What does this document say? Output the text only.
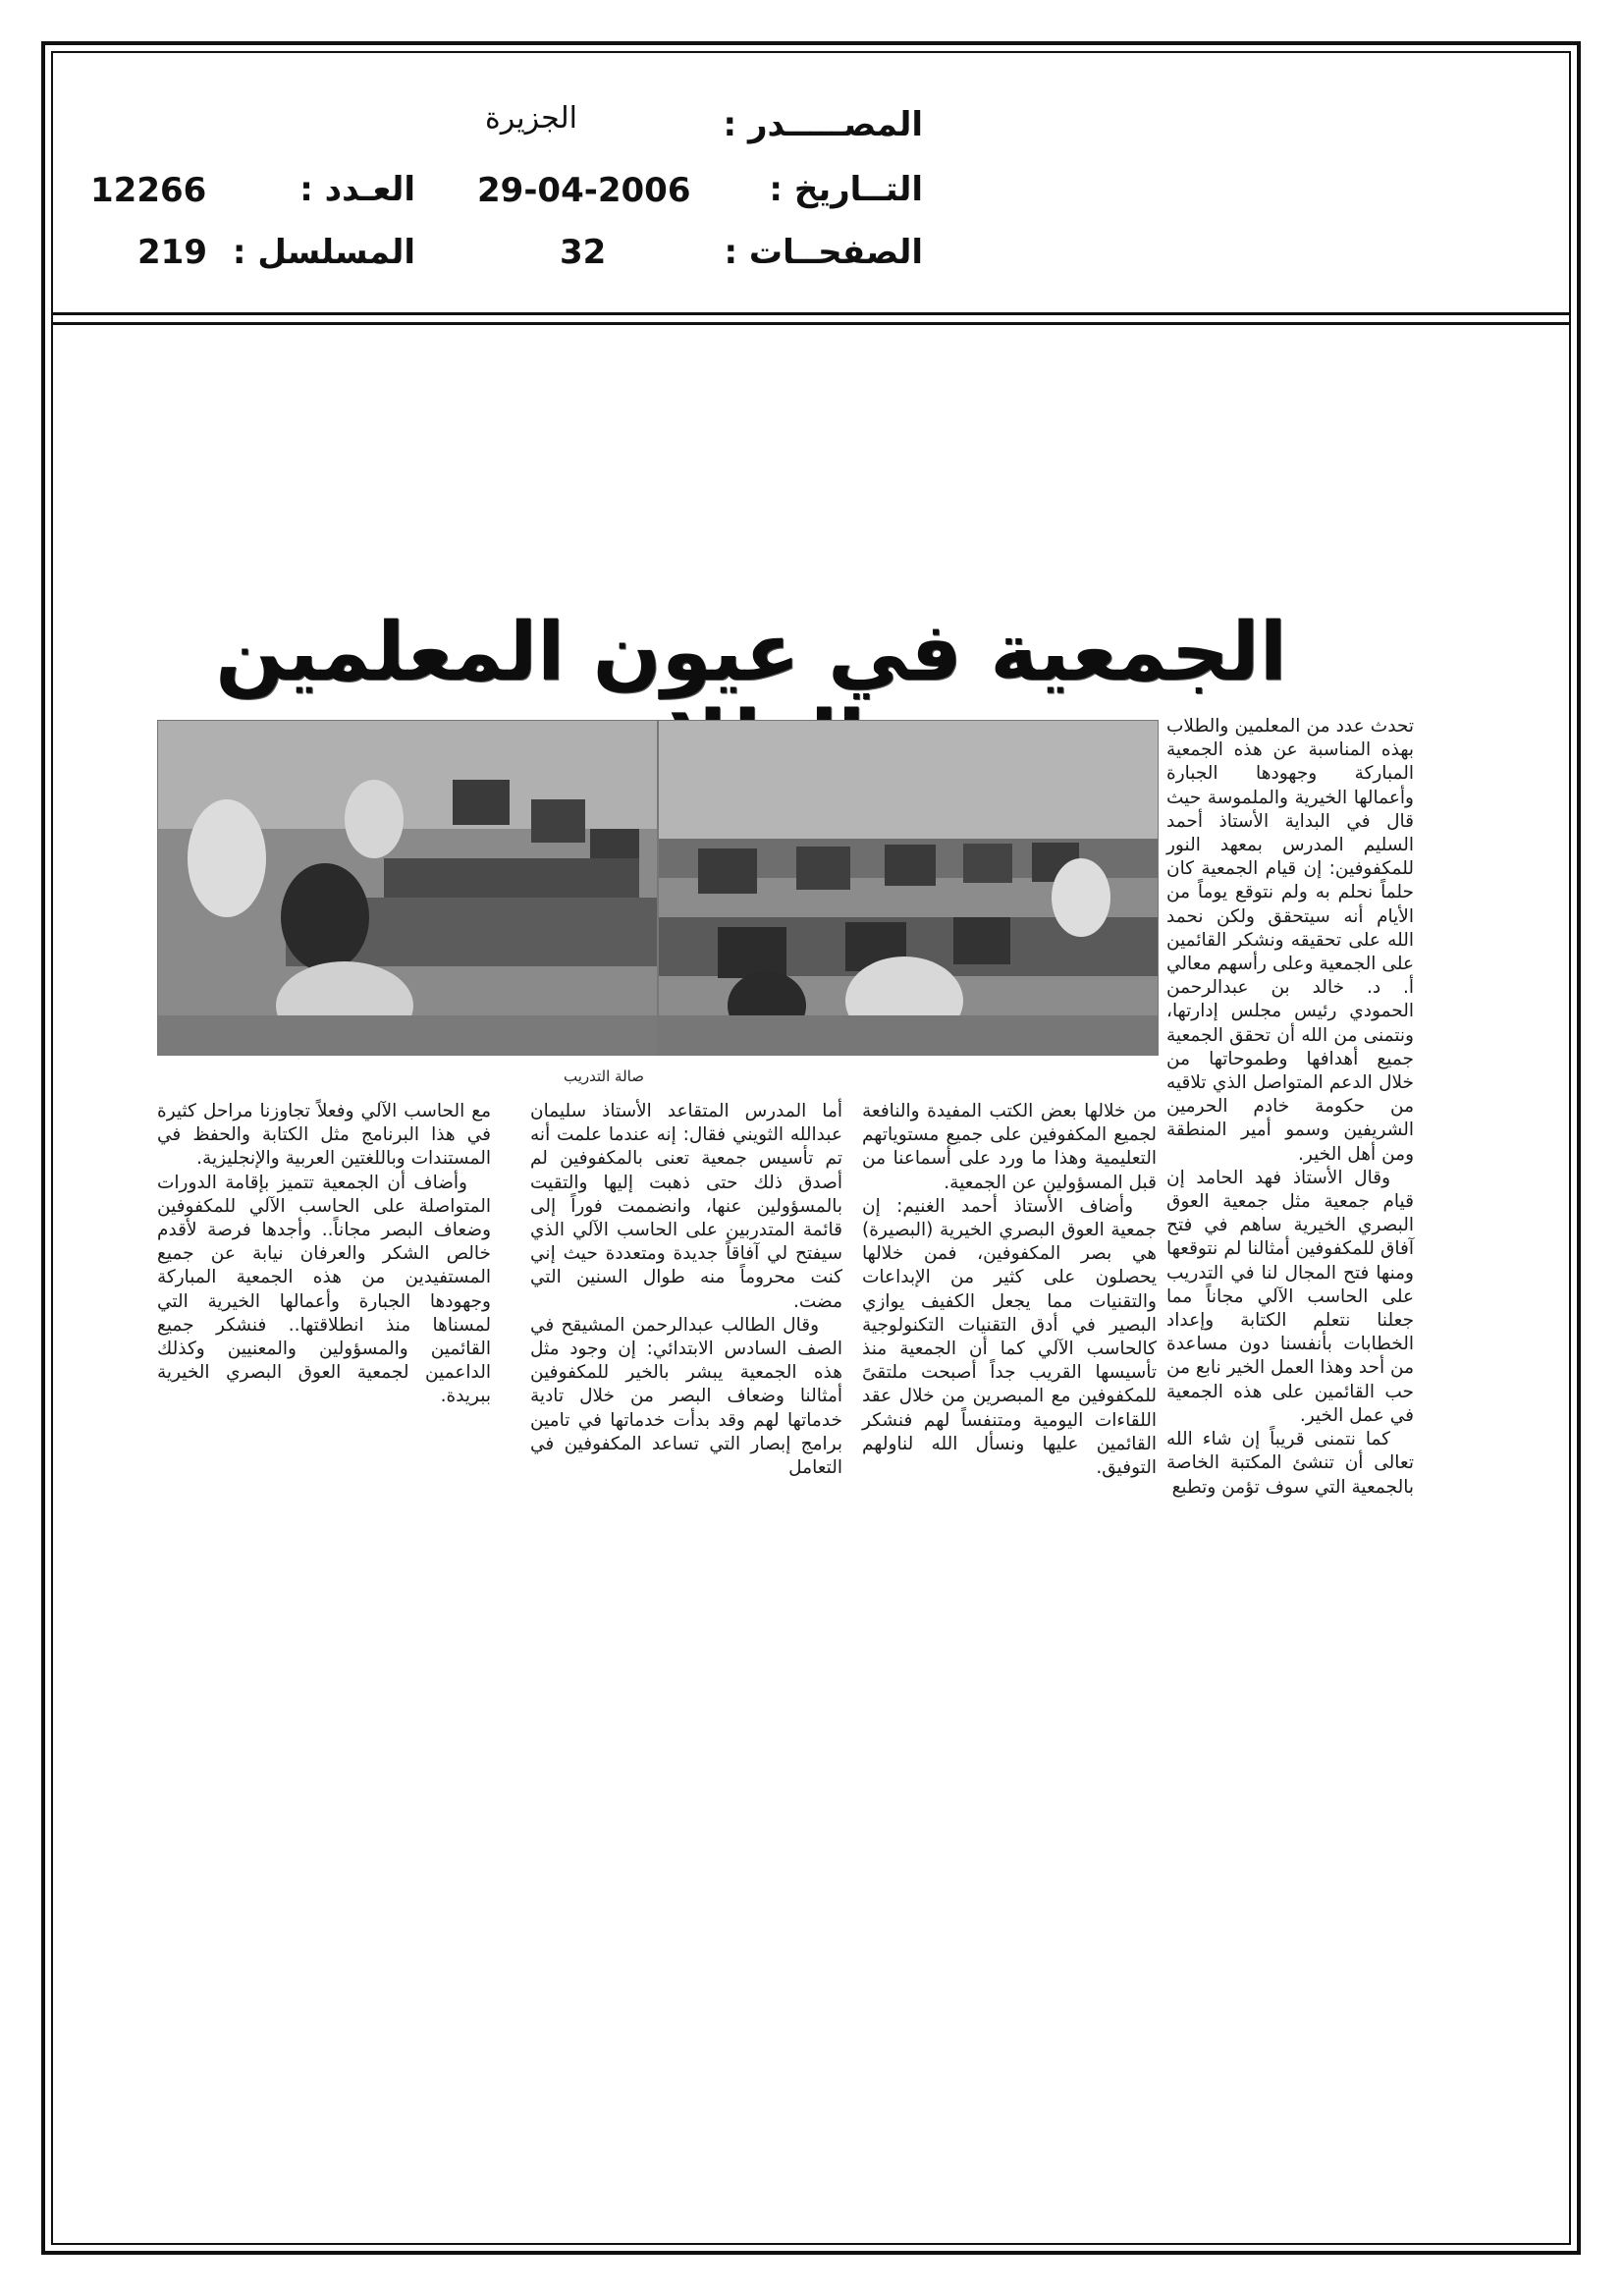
المصـــــدر :
الجزيرة
التــاريخ :
29-04-2006
الصفحــات :
32
العـدد :
12266
المسلسل :
219
الجمعية في عيون المعلمين
صالة التدريب

تحدث عدد من المعلمين والطلاب بهذه المناسبة عن هذه الجمعية المباركة وجهودها الجبارة وأعمالها الخيرية والملموسة حيث قال في البداية الأستاذ أحمد السليم المدرس بمعهد النور للمكفوفين: إن قيام الجمعية كان حلماً نحلم به ولم نتوقع يوماً من الأيام أنه سيتحقق ولكن نحمد الله على تحقيقه ونشكر القائمين على الجمعية وعلى رأسهم معالي أ. د. خالد بن عبدالرحمن الحمودي رئيس مجلس إدارتها، ونتمنى من الله أن تحقق الجمعية جميع أهدافها وطموحاتها من خلال الدعم المتواصل الذي تلاقيه من حكومة خادم الحرمين الشريفين وسمو أمير المنطقة ومن أهل الخير.

وقال الأستاذ فهد الحامد إن قيام جمعية مثل جمعية العوق البصري الخيرية ساهم في فتح آفاق للمكفوفين أمثالنا لم نتوقعها ومنها فتح المجال لنا في التدريب على الحاسب الآلي مجاناً مما جعلنا نتعلم الكتابة وإعداد الخطابات بأنفسنا دون مساعدة من أحد وهذا العمل الخير نابع من حب القائمين على هذه الجمعية في عمل الخير.

كما نتمنى قريباً إن شاء الله تعالى أن تنشئ المكتبة الخاصة بالجمعية التي سوف تؤمن وتطبع

من خلالها بعض الكتب المفيدة والنافعة لجميع المكفوفين على جميع مستوياتهم التعليمية وهذا ما ورد على أسماعنا من قبل المسؤولين عن الجمعية.

وأضاف الأستاذ أحمد الغنيم: إن جمعية العوق البصري الخيرية (البصيرة) هي بصر المكفوفين، فمن خلالها يحصلون على كثير من الإبداعات والتقنيات مما يجعل الكفيف يوازي البصير في أدق التقنيات التكنولوجية كالحاسب الآلي كما أن الجمعية منذ تأسيسها القريب جداً أصبحت ملتقىً للمكفوفين مع المبصرين من خلال عقد اللقاءات اليومية ومتنفساً لهم فنشكر القائمين عليها ونسأل الله لناولهم التوفيق.

أما المدرس المتقاعد الأستاذ سليمان عبدالله الثويني فقال: إنه عندما علمت أنه تم تأسيس جمعية تعنى بالمكفوفين لم أصدق ذلك حتى ذهبت إليها والتقيت بالمسؤولين عنها، وانضممت فوراً إلى قائمة المتدربين على الحاسب الآلي الذي سيفتح لي آفاقاً جديدة ومتعددة حيث إني كنت محروماً منه طوال السنين التي مضت.

وقال الطالب عبدالرحمن المشيقح في الصف السادس الابتدائي: إن وجود مثل هذه الجمعية يبشر بالخير للمكفوفين أمثالنا وضعاف البصر من خلال تادية خدماتها لهم وقد بدأت خدماتها في تامين برامج إبصار التي تساعد المكفوفين في التعامل

مع الحاسب الآلي وفعلاً تجاوزنا مراحل كثيرة في هذا البرنامج مثل الكتابة والحفظ في المستندات وباللغتين العربية والإنجليزية.

وأضاف أن الجمعية تتميز بإقامة الدورات المتواصلة على الحاسب الآلي للمكفوفين وضعاف البصر مجاناً.. وأجدها فرصة لأقدم خالص الشكر والعرفان نيابة عن جميع المستفيدين من هذه الجمعية المباركة وجهودها الجبارة وأعمالها الخيرية التي لمسناها منذ انطلاقتها.. فنشكر جميع القائمين والمسؤولين والمعنيين وكذلك الداعمين لجمعية العوق البصري الخيرية ببريدة.
